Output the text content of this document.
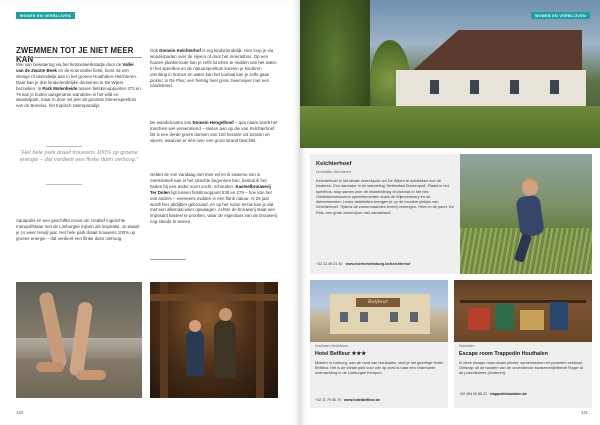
WONEN EN VERBLIJVEN
ZWEMMEN TOT JE NIET MEER KAN
Wie van bewatering via het fietsnetwerkstadje door de Vallei van de Zwarte Beek en de Koersvallei fietst, komt na een stevige rit uiteindelijk aan in het groene Houthalen-Helchteren. Daar kan je drie kindvriendelijke domeinen in De Wijers bezoeken. In Park Molenheide tussen fietsknooppunten 272 en 76 kan je buiten aangename wandelen in het wild en wandelpark, maar in door vel jeer de grootste binnenspeeltuin van de Benelux, het tropisch zwemparadijs
"Het hele park draait trouwens 100% op groene energie – dat verdient een flinke duim omhoog."
Aquapolis en een geschiftte ervan om creatief ingerichte manipolfstaan met de Limburgse mijnen als inspiratie. Je waant je zo weer terwijl jaar. Het hele park draait trouwens 100% op groene energie – dat verdient een flinke duim omhoog.
Ook Domein Kelchterhof is erg kindvriendelijk. Hier loop je via wonderpaden over de vijvers of door het moerasbos. Op een houten plankieroute kan je zelfs lunchen te midden van het water. In het speelbos en de natuurspeeltuin kunnen je kinderen urenlang in bomen en water kan het koelaal kan je zelfs gaan picknic in De Plas: een helstig heel grote zwemvijver met een zandstrand.
De wandelroutes van Domein Hengelhoef – qua naam wordt het mischien wel vereenmend – sluiten aan op die van Kelchterhoef. Dit is een derde groen domein van 120 hectare vol bossen en vijvers, waarvan er één over een groot strand beschikt.
Geldet de zon vandaag niet mee wil en ik sowieso niet in zwemkimek aan in het strachte begonnen ben, bestuit ik het heden bij een ander soort vocht: schouden. Kasteelbrouwerij Ter Dolen ligt tussen fietsknooppunt 539 en 279 – hoe kan het ook anders – eveneens midden in een flunk natuur. Al 25 jaar wordt hier abdijbier gebrouwd, en op het ruime terras kan je dat met een allemaal weer opwaagen. Achter de brouwerij staat een imposant kasteel te pronken, waar de eigenaars van de brouwerij nog steeds in wonen.
140
WONEN EN VERBLIJVEN
Kelchterhoef
Houthalen-Helchteren
Kelchterhoef is het ideale vertrekpunt om De Wijers te ontdekken met de kinderen. Een aanrader in de wandeling 'Hetbeekse Bomenpad'. Raast in het speelbos, stop samen over de leukebelbrug of picknick in het nes Ontdekkersmuseum speelelementen zoals de Wijerzimmery en de dierenmeester. Leuke aktiviteiten brengen je op de mooiste plekjes van Kelchterhoef. Tijdens de zomermaanden breiel) verlengen. Heen in de parel. De Plas, een grote zwemvijver met zandstrand.
+32 11 49 21 40 · www.toerismelimburg.be/kelchterhof
Belfleur
Houthalen-Helchteren
Hotel Belfleur ★★★
Midden in Limburg, aan de rand van Houthalen, vind je het gezellige Hotel Belfleur. Het is de ideale plek voor wie op zoek is naar een charmante overnachting in de Limburgse Kempen.
+32 11 79 06 70 · www.hotelbelfleur.be
Houthalen
Escape room Trappedin Houthalen
In deze escape room staan plezier, samenwerken en puzzelen centraal. Ontsnap uit de handen van de onverdiende kwaseewrijiefbevel Roger al de puzzelkamer (kinderen).
+32 494 00 65 22 · trappedinhoutalen.be
141
